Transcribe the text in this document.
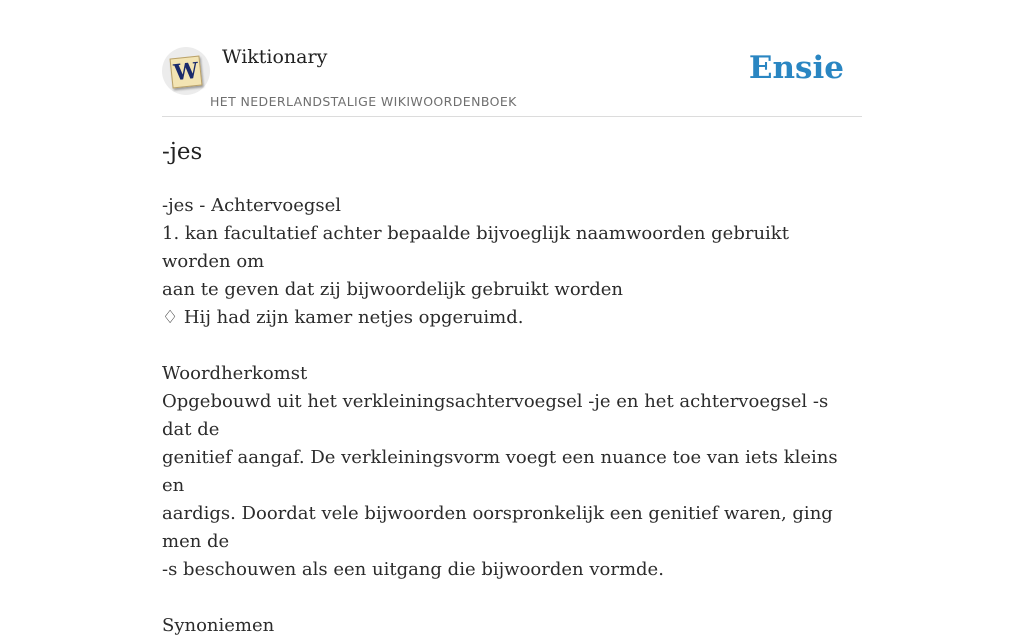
W
Wiktionary
HET NEDERLANDSTALIGE WIKIWOORDENBOEK
Ensie
-jes

-jes - Achtervoegsel

1. kan facultatief achter bepaalde bijvoeglijk naamwoorden gebruikt worden om

aan te geven dat zij bijwoordelijk gebruikt worden

♢ Hij had zijn kamer netjes opgeruimd.

Woordherkomst

Opgebouwd uit het verkleiningsachtervoegsel -je en het achtervoegsel -s dat de

genitief aangaf. De verkleiningsvorm voegt een nuance toe van iets kleins en

aardigs. Doordat vele bijwoorden oorspronkelijk een genitief waren, ging men de

-s beschouwen als een uitgang die bijwoorden vormde.

Synoniemen
